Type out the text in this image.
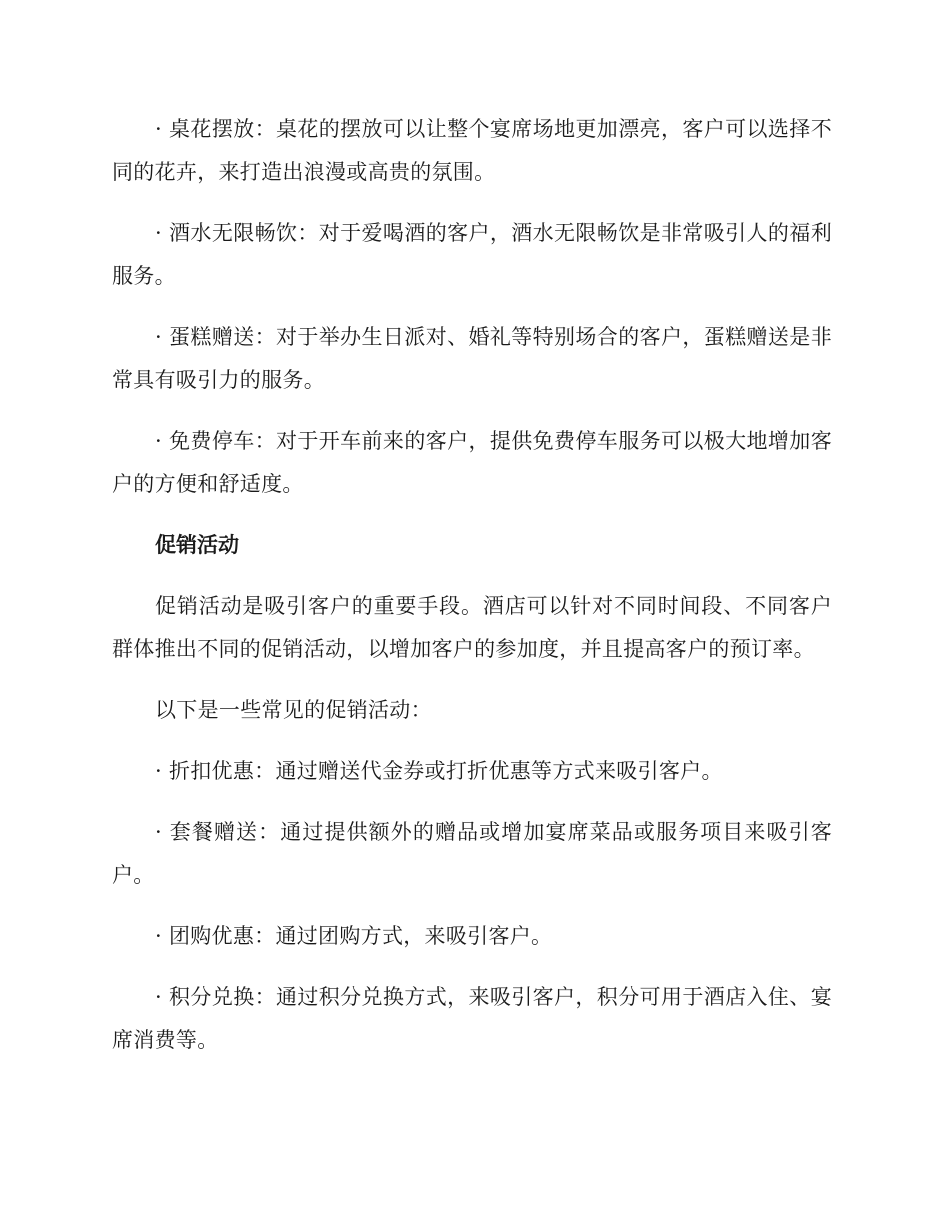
· 桌花摆放：桌花的摆放可以让整个宴席场地更加漂亮，客户可以选择不同的花卉，来打造出浪漫或高贵的氛围。

· 酒水无限畅饮：对于爱喝酒的客户，酒水无限畅饮是非常吸引人的福利服务。

· 蛋糕赠送：对于举办生日派对、婚礼等特别场合的客户，蛋糕赠送是非常具有吸引力的服务。

· 免费停车：对于开车前来的客户，提供免费停车服务可以极大地增加客户的方便和舒适度。

促销活动

促销活动是吸引客户的重要手段。酒店可以针对不同时间段、不同客户群体推出不同的促销活动，以增加客户的参加度，并且提高客户的预订率。

以下是一些常见的促销活动：

· 折扣优惠：通过赠送代金券或打折优惠等方式来吸引客户。

· 套餐赠送：通过提供额外的赠品或增加宴席菜品或服务项目来吸引客户。

· 团购优惠：通过团购方式，来吸引客户。

· 积分兑换：通过积分兑换方式，来吸引客户，积分可用于酒店入住、宴席消费等。
